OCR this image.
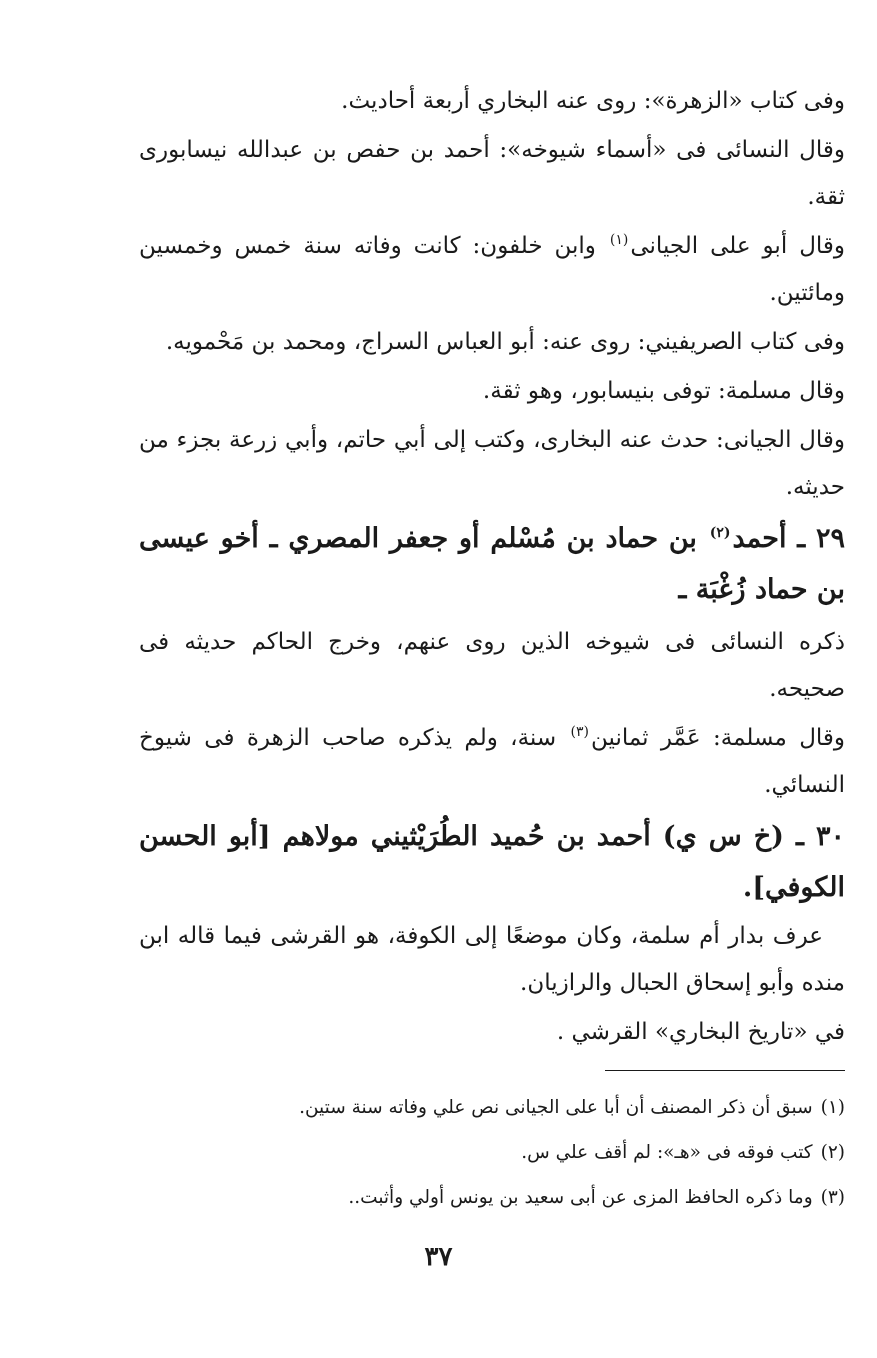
وفى كتاب «الزهرة»: روى عنه البخاري أربعة أحاديث.

وقال النسائى فى «أسماء شيوخه»: أحمد بن حفص بن عبدالله نيسابورى ثقة.

وقال أبو على الجيانى$^{(١)}$ وابن خلفون: كانت وفاته سنة خمس وخمسين ومائتين.

وفى كتاب الصريفيني: روى عنه: أبو العباس السراج، ومحمد بن مَحْمويه.

وقال مسلمة: توفى بنيسابور، وهو ثقة.

وقال الجيانى: حدث عنه البخارى، وكتب إلى أبي حاتم، وأبي زرعة بجزء من حديثه.

٢٩ ـ أحمد$^{(٢)}$ بن حماد بن مُسْلم أو جعفر المصري ـ أخو عيسى بن حماد زُغْبَة ـ

ذكره النسائى فى شيوخه الذين روى عنهم، وخرج الحاكم حديثه فى صحيحه.

وقال مسلمة: عَمَّر ثمانين$^{(٣)}$ سنة، ولم يذكره صاحب الزهرة فى شيوخ النسائي.

٣٠ ـ (خ س ي) أحمد بن حُميد الطُرَيْثيني مولاهم [أبو الحسن الكوفي].

عرف بدار أم سلمة، وكان موضعًا إلى الكوفة، هو القرشى فيما قاله ابن منده وأبو إسحاق الحبال والرازيان.

في «تاريخ البخاري» القرشي .

(١)سبق أن ذكر المصنف أن أبا على الجيانى نص علي وفاته سنة ستين.
(٢)كتب فوقه فى «هـ»: لم أقف علي س.
(٣)وما ذكره الحافظ المزى عن أبى سعيد بن يونس أولي وأثبت..
٣٧
